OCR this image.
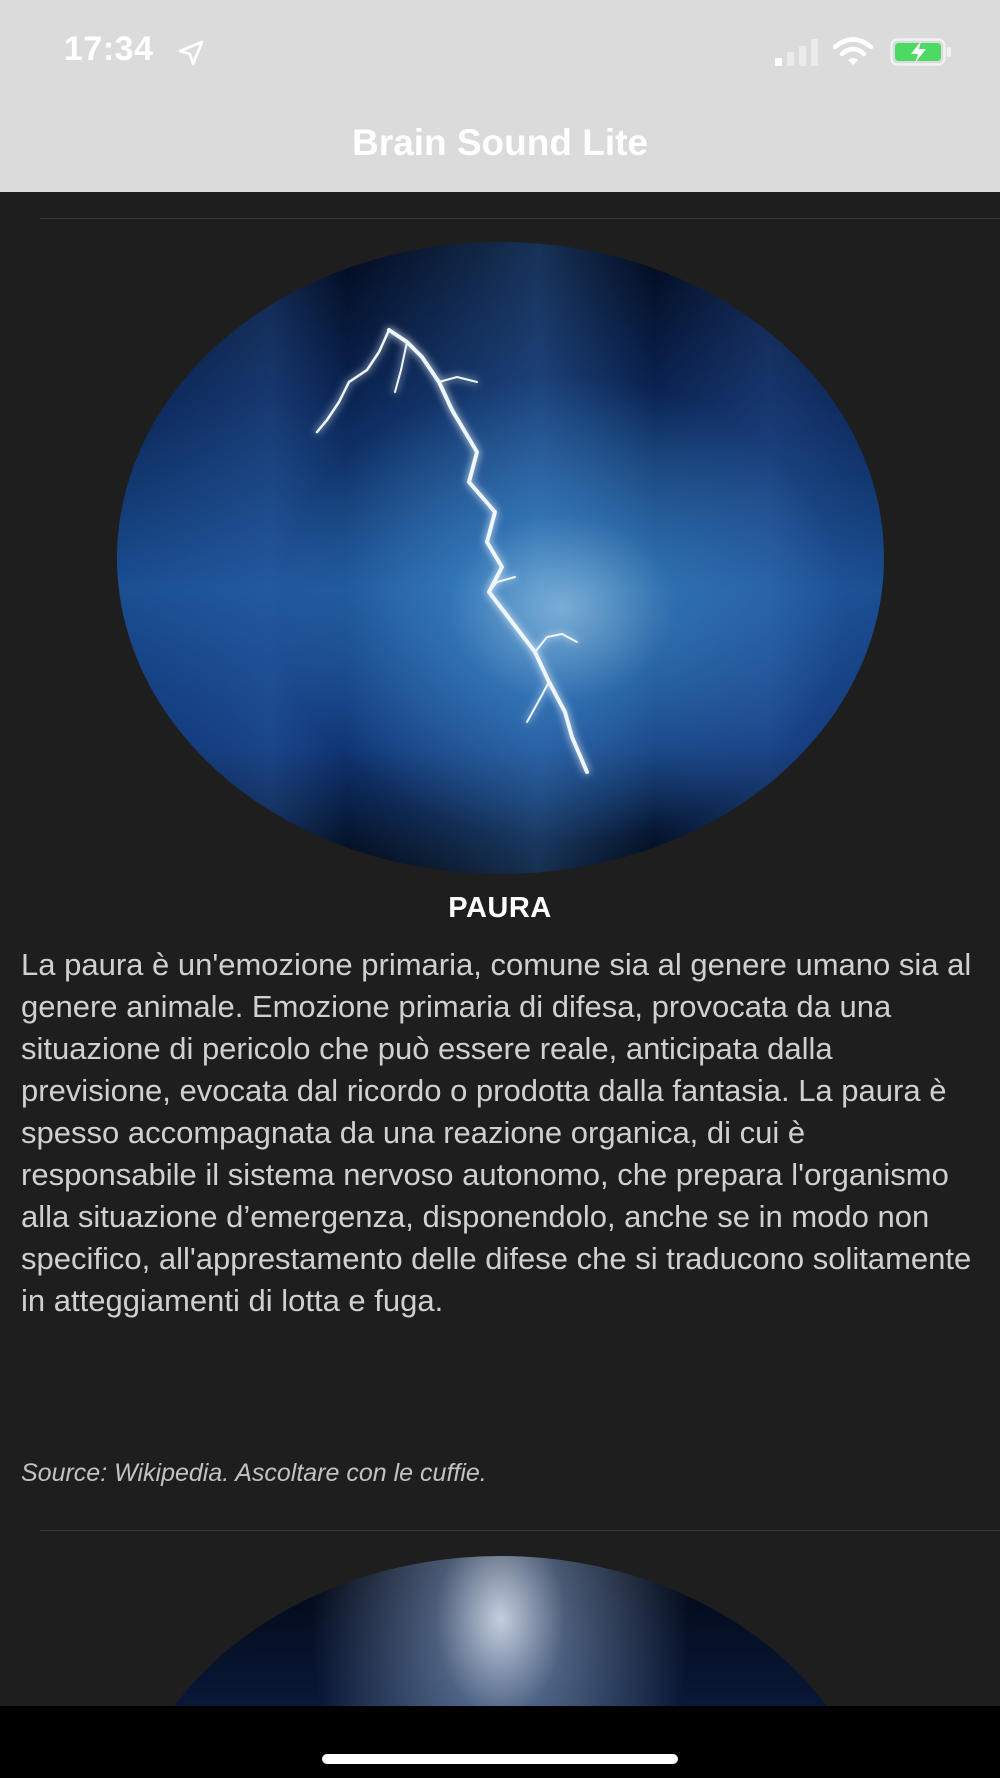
17:34
Brain Sound Lite
PAURA
La paura è un'emozione primaria, comune sia al genere umano sia al genere animale. Emozione primaria di difesa, provocata da una situazione di pericolo che può essere reale, anticipata dalla previsione, evocata dal ricordo o prodotta dalla fantasia. La paura è spesso accompagnata da una reazione organica, di cui è responsabile il sistema nervoso autonomo, che prepara l'organismo alla situazione d’emergenza, disponendolo, anche se in modo non specifico, all'apprestamento delle difese che si traducono solitamente in atteggiamenti di lotta e fuga.
Source: Wikipedia. Ascoltare con le cuffie.
